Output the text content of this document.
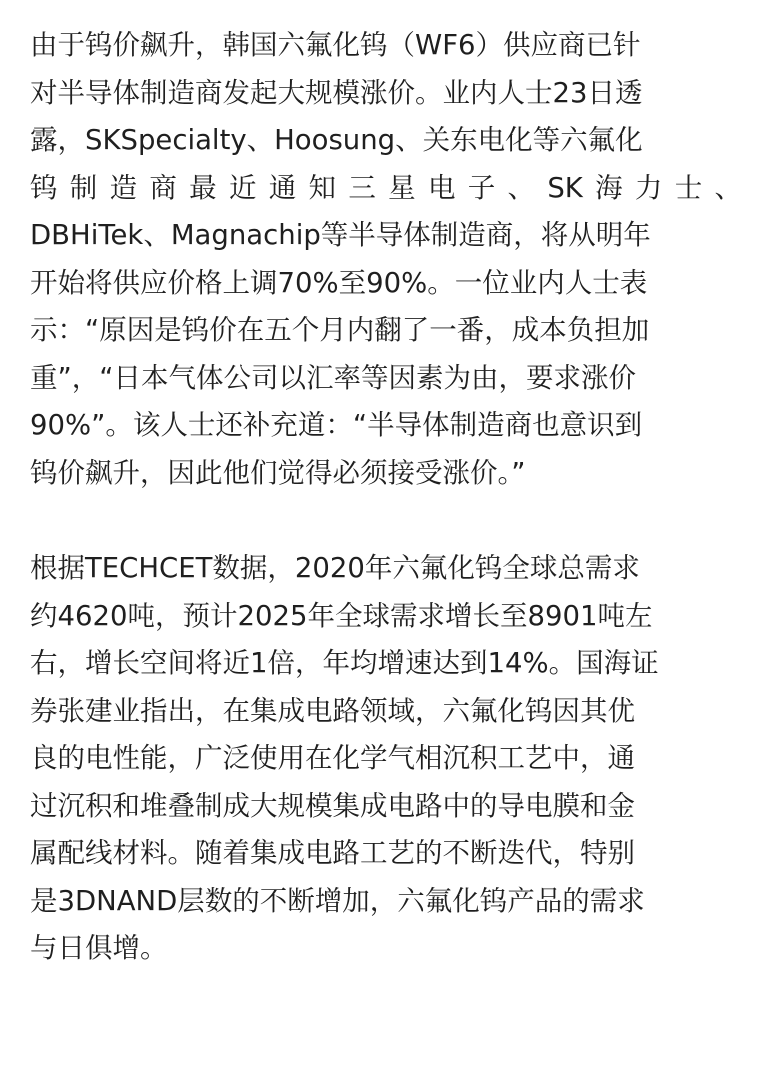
由于钨价飙升，韩国六氟化钨（WF6）供应商已针
对半导体制造商发起大规模涨价。业内人士23日透
露，SKSpecialty、Hoosung、关东电化等六氟化
钨制造商最近通知三星电子、SK海力士、
DBHiTek、Magnachip等半导体制造商，将从明年
开始将供应价格上调70%至90%。一位业内人士表
示：“原因是钨价在五个月内翻了一番，成本负担加
重”，“日本气体公司以汇率等因素为由，要求涨价
90%”。该人士还补充道：“半导体制造商也意识到
钨价飙升，因此他们觉得必须接受涨价。”
根据TECHCET数据，2020年六氟化钨全球总需求
约4620吨，预计2025年全球需求增长至8901吨左
右，增长空间将近1倍，年均增速达到14%。国海证
券张建业指出，在集成电路领域，六氟化钨因其优
良的电性能，广泛使用在化学气相沉积工艺中，通
过沉积和堆叠制成大规模集成电路中的导电膜和金
属配线材料。随着集成电路工艺的不断迭代，特别
是3DNAND层数的不断增加，六氟化钨产品的需求
与日俱增。
